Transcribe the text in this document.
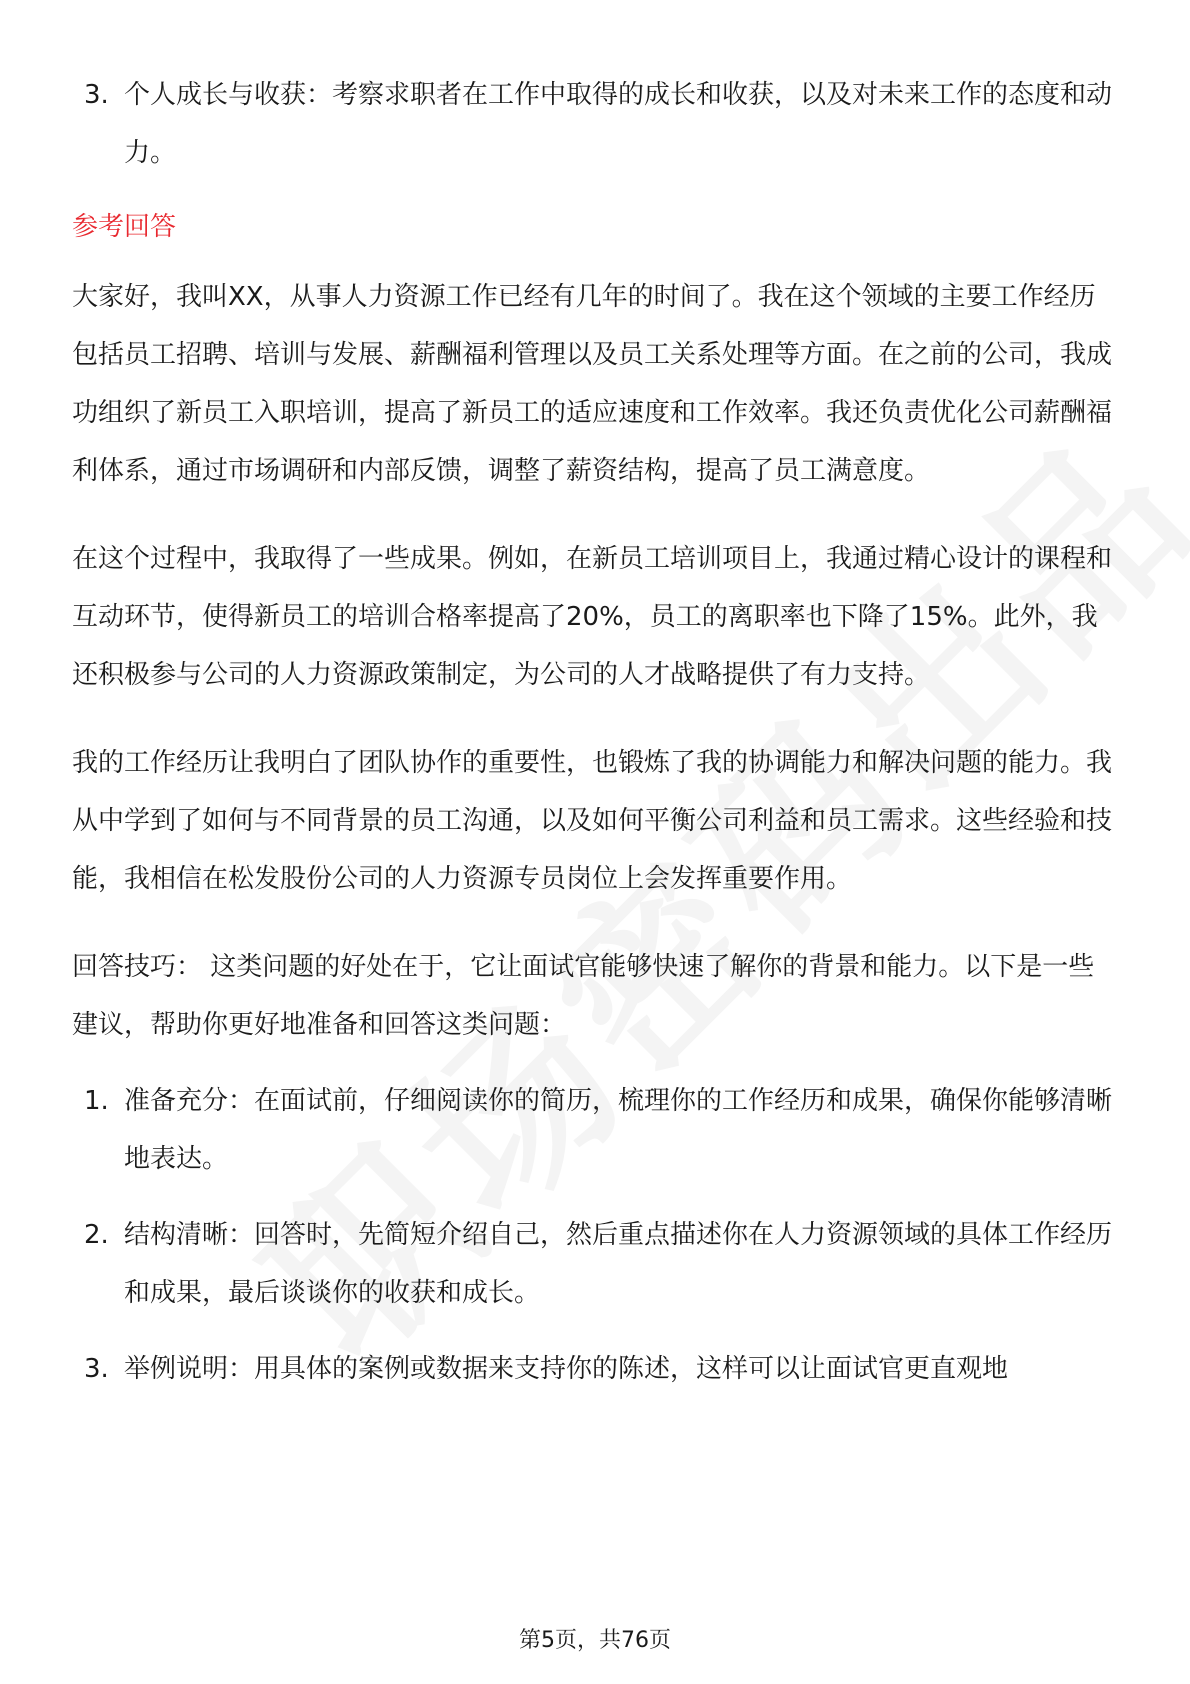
3. 个人成长与收获：考察求职者在工作中取得的成长和收获，以及对未来工作的态度和动力。
参考回答

大家好，我叫XX，从事人力资源工作已经有几年的时间了。我在这个领域的主要工作经历包括员工招聘、培训与发展、薪酬福利管理以及员工关系处理等方面。在之前的公司，我成功组织了新员工入职培训，提高了新员工的适应速度和工作效率。我还负责优化公司薪酬福利体系，通过市场调研和内部反馈，调整了薪资结构，提高了员工满意度。

在这个过程中，我取得了一些成果。例如，在新员工培训项目上，我通过精心设计的课程和互动环节，使得新员工的培训合格率提高了20%，员工的离职率也下降了15%。此外，我还积极参与公司的人力资源政策制定，为公司的人才战略提供了有力支持。

我的工作经历让我明白了团队协作的重要性，也锻炼了我的协调能力和解决问题的能力。我从中学到了如何与不同背景的员工沟通，以及如何平衡公司利益和员工需求。这些经验和技能，我相信在松发股份公司的人力资源专员岗位上会发挥重要作用。

回答技巧： 这类问题的好处在于，它让面试官能够快速了解你的背景和能力。以下是一些建议，帮助你更好地准备和回答这类问题：

1. 准备充分：在面试前，仔细阅读你的简历，梳理你的工作经历和成果，确保你能够清晰地表达。
2. 结构清晰：回答时，先简短介绍自己，然后重点描述你在人力资源领域的具体工作经历和成果，最后谈谈你的收获和成长。
3. 举例说明：用具体的案例或数据来支持你的陈述，这样可以让面试官更直观地
第5页，共76页
